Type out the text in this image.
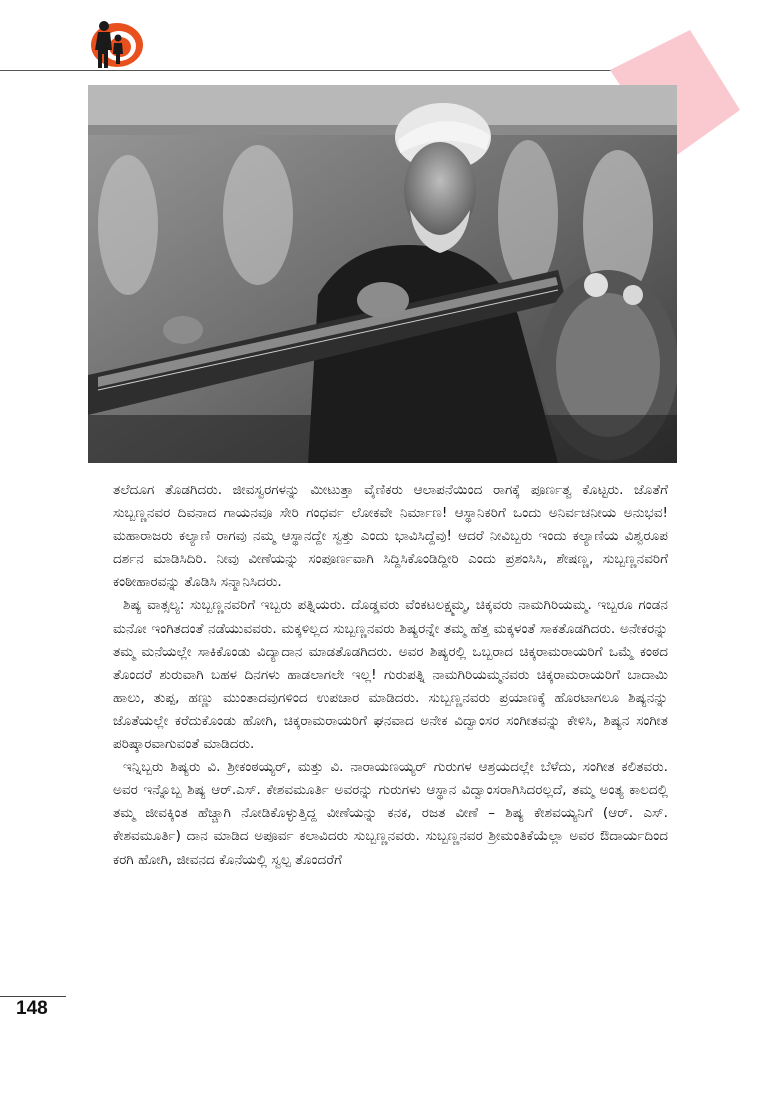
ತಲೆದೂಗ ತೊಡಗಿದರು. ಜೀವಸ್ವರಗಳನ್ನು ಮೀಟುತ್ತಾ ವೈಣಿಕರು ಆಲಾಪನೆಯಿಂದ ರಾಗಕ್ಕೆ ಪೂರ್ಣತ್ವ ಕೊಟ್ಟರು. ಜೊತೆಗೆ ಸುಬ್ಬಣ್ಣನವರ ದಿವನಾದ ಗಾಯನವೂ ಸೇರಿ ಗಂಧರ್ವ ಲೋಕವೇ ನಿರ್ಮಾಣ! ಆಸ್ಥಾನಿಕರಿಗೆ ಒಂದು ಅನಿರ್ವಚನೀಯ ಅನುಭವ! ಮಹಾರಾಜರು ಕಲ್ಯಾಣಿ ರಾಗವು ನಮ್ಮ ಆಸ್ಥಾನದ್ದೇ ಸ್ವತ್ತು ಎಂದು ಭಾವಿಸಿದ್ದೆವು! ಆದರೆ ನೀವಿಬ್ಬರು ಇಂದು ಕಲ್ಯಾಣಿಯ ವಿಶ್ವರೂಪ ದರ್ಶನ ಮಾಡಿಸಿದಿರಿ. ನೀವು ವೀಣೆಯನ್ನು ಸಂಪೂರ್ಣವಾಗಿ ಸಿದ್ದಿಸಿಕೊಂಡಿದ್ದೀರಿ ಎಂದು ಪ್ರಶಂಸಿಸಿ, ಶೇಷಣ್ಣ, ಸುಬ್ಬಣ್ಣನವರಿಗೆ ಕಂಠೀಹಾರವನ್ನು ತೊಡಿಸಿ ಸನ್ಮಾನಿಸಿದರು.

ಶಿಷ್ಯ ವಾತ್ಸಲ್ಯ: ಸುಬ್ಬಣ್ಣನವರಿಗೆ ಇಬ್ಬರು ಪತ್ನಿಯರು. ದೊಡ್ಡವರು ವೆಂಕಟಲಕ್ಷ್ಮಮ್ಮ, ಚಿಕ್ಕವರು ನಾಮಗಿರಿಯಮ್ಮ. ಇಬ್ಬರೂ ಗಂಡನ ಮನೋ ಇಂಗಿತದಂತೆ ನಡೆಯುವವರು. ಮಕ್ಕಳಿಲ್ಲದ ಸುಬ್ಬಣ್ಣನವರು ಶಿಷ್ಯರನ್ನೇ ತಮ್ಮ ಹೆತ್ತ ಮಕ್ಕಳಂತೆ ಸಾಕತೊಡಗಿದರು. ಅನೇಕರನ್ನು ತಮ್ಮ ಮನೆಯಲ್ಲೇ ಸಾಕಿಕೊಂಡು ವಿದ್ಯಾದಾನ ಮಾಡತೊಡಗಿದರು. ಅವರ ಶಿಷ್ಯರಲ್ಲಿ ಒಬ್ಬರಾದ ಚಿಕ್ಕರಾಮರಾಯರಿಗೆ ಒಮ್ಮೆ ಕಂಠದ ತೊಂದರೆ ಶುರುವಾಗಿ ಬಹಳ ದಿನಗಳು ಹಾಡಲಾಗಲೇ ಇಲ್ಲ! ಗುರುಪತ್ನಿ ನಾಮಗಿರಿಯಮ್ಮನವರು ಚಿಕ್ಕರಾಮರಾಯರಿಗೆ ಬಾದಾಮಿ ಹಾಲು, ತುಪ್ಪ, ಹಣ್ಣು ಮುಂತಾದವುಗಳಿಂದ ಉಪಚಾರ ಮಾಡಿದರು. ಸುಬ್ಬಣ್ಣನವರು ಪ್ರಯಾಣಕ್ಕೆ ಹೊರಟಾಗಲೂ ಶಿಷ್ಯನನ್ನು ಜೊತೆಯಲ್ಲೇ ಕರೆದುಕೊಂಡು ಹೋಗಿ, ಚಿಕ್ಕರಾಮರಾಯರಿಗೆ ಘನವಾದ ಅನೇಕ ವಿದ್ವಾಂಸರ ಸಂಗೀತವನ್ನು ಕೇಳಿಸಿ, ಶಿಷ್ಯನ ಸಂಗೀತ ಪರಿಷ್ಕಾರವಾಗುವಂತೆ ಮಾಡಿದರು.

ಇನ್ನಿಬ್ಬರು ಶಿಷ್ಯರು ವಿ. ಶ್ರೀಕಂಠಯ್ಯರ್, ಮತ್ತು ವಿ. ನಾರಾಯಣಯ್ಯರ್ ಗುರುಗಳ ಆಶ್ರಯದಲ್ಲೇ ಬೆಳೆದು, ಸಂಗೀತ ಕಲಿತವರು. ಅವರ ಇನ್ನೊಬ್ಬ ಶಿಷ್ಯ ಆರ್.ಎಸ್. ಕೇಶವಮೂರ್ತಿ ಅವರನ್ನು ಗುರುಗಳು ಆಸ್ಥಾನ ವಿದ್ವಾಂಸರಾಗಿಸಿದರಲ್ಲದೆ, ತಮ್ಮ ಅಂತ್ಯ ಕಾಲದಲ್ಲಿ ತಮ್ಮ ಜೀವಕ್ಕಿಂತ ಹೆಚ್ಚಾಗಿ ನೋಡಿಕೊಳ್ಳುತ್ತಿದ್ದ ವೀಣೆಯನ್ನು ಕನಕ, ರಜತ ವೀಣೆ – ಶಿಷ್ಯ ಕೇಶವಯ್ಯನಿಗೆ (ಆರ್. ಎಸ್. ಕೇಶವಮೂರ್ತಿ) ದಾನ ಮಾಡಿದ ಅಪೂರ್ವ ಕಲಾವಿದರು ಸುಬ್ಬಣ್ಣನವರು. ಸುಬ್ಬಣ್ಣನವರ ಶ್ರೀಮಂತಿಕೆಯೆಲ್ಲಾ ಅವರ ಔದಾರ್ಯದಿಂದ ಕರಗಿ ಹೋಗಿ, ಜೀವನದ ಕೊನೆಯಲ್ಲಿ ಸ್ವಲ್ಪ ತೊಂದರೆಗೆ

148
